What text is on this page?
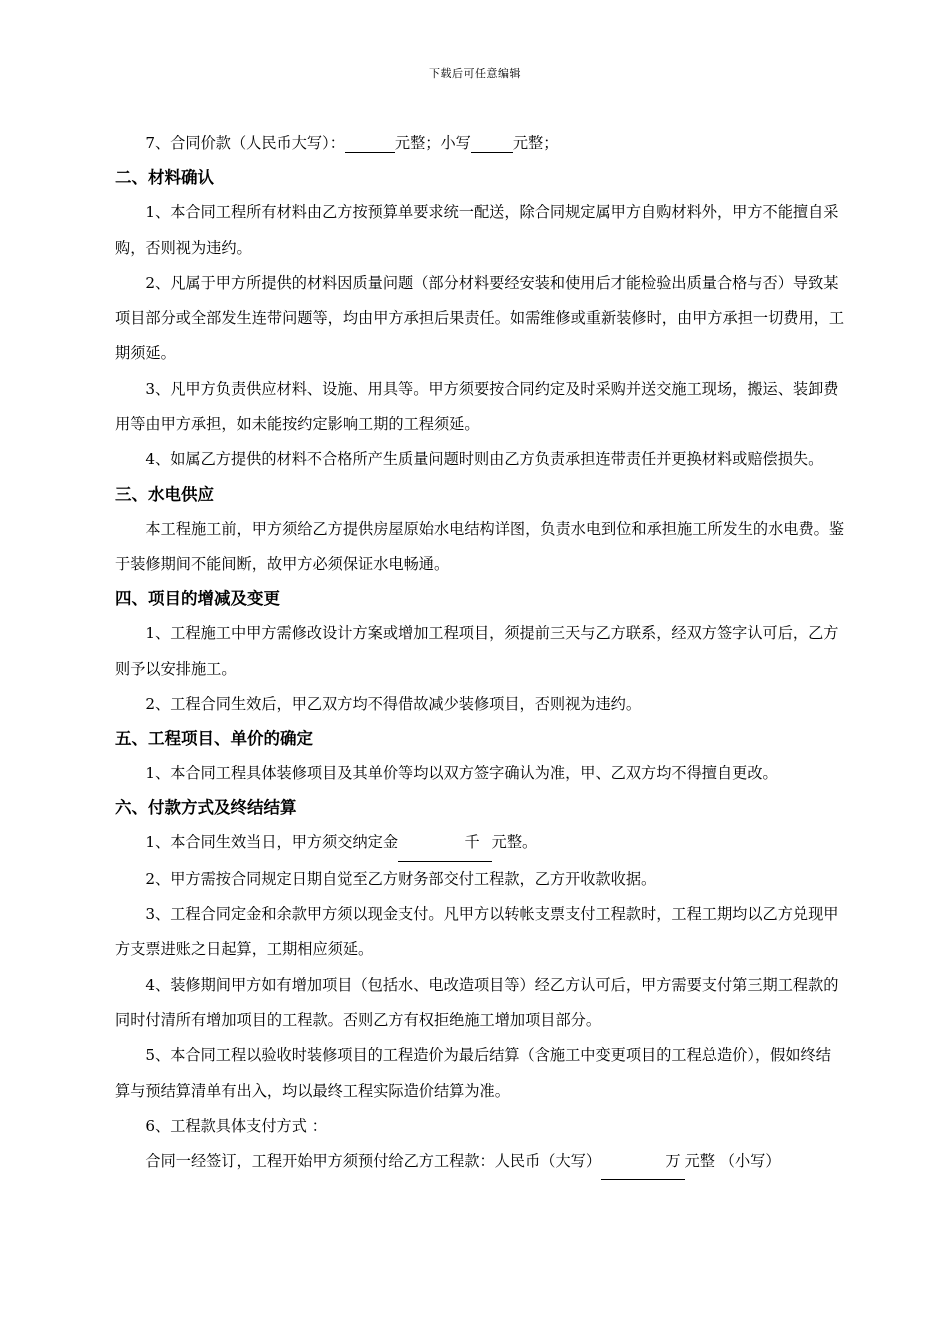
下载后可任意编辑

7、合同价款（人民币大写）：	元整；小写	元整；

二、材料确认

1、本合同工程所有材料由乙方按预算单要求统一配送，除合同规定属甲方自购材料外，甲方不能擅自采购，否则视为违约。

2、凡属于甲方所提供的材料因质量问题（部分材料要经安装和使用后才能检验出质量合格与否）导致某项目部分或全部发生连带问题等，均由甲方承担后果责任。如需维修或重新装修时，由甲方承担一切费用，工期须延。

3、凡甲方负责供应材料、设施、用具等。甲方须要按合同约定及时采购并送交施工现场，搬运、装卸费用等由甲方承担，如未能按约定影响工期的工程须延。

4、如属乙方提供的材料不合格所产生质量问题时则由乙方负责承担连带责任并更换材料或赔偿损失。

三、水电供应

本工程施工前，甲方须给乙方提供房屋原始水电结构详图，负责水电到位和承担施工所发生的水电费。鉴于装修期间不能间断，故甲方必须保证水电畅通。

四、项目的增减及变更

1、工程施工中甲方需修改设计方案或增加工程项目，须提前三天与乙方联系，经双方签字认可后，乙方则予以安排施工。

2、工程合同生效后，甲乙双方均不得借故减少装修项目，否则视为违约。

五、工程项目、单价的确定

1、本合同工程具体装修项目及其单价等均以双方签字确认为准，甲、乙双方均不得擅自更改。

六、付款方式及终结结算

1、本合同生效当日，甲方须交纳定金	千 元整。

2、甲方需按合同规定日期自觉至乙方财务部交付工程款，乙方开收款收据。

3、工程合同定金和余款甲方须以现金支付。凡甲方以转帐支票支付工程款时，工程工期均以乙方兑现甲方支票进账之日起算，工期相应须延。

4、装修期间甲方如有增加项目（包括水、电改造项目等）经乙方认可后，甲方需要支付第三期工程款的同时付清所有增加项目的工程款。否则乙方有权拒绝施工增加项目部分。

5、本合同工程以验收时装修项目的工程造价为最后结算（含施工中变更项目的工程总造价），假如终结算与预结算清单有出入，均以最终工程实际造价结算为准。

6、工程款具体支付方式 ：

合同一经签订，工程开始甲方须预付给乙方工程款：人民币（大写）	万 元整 （小写）
